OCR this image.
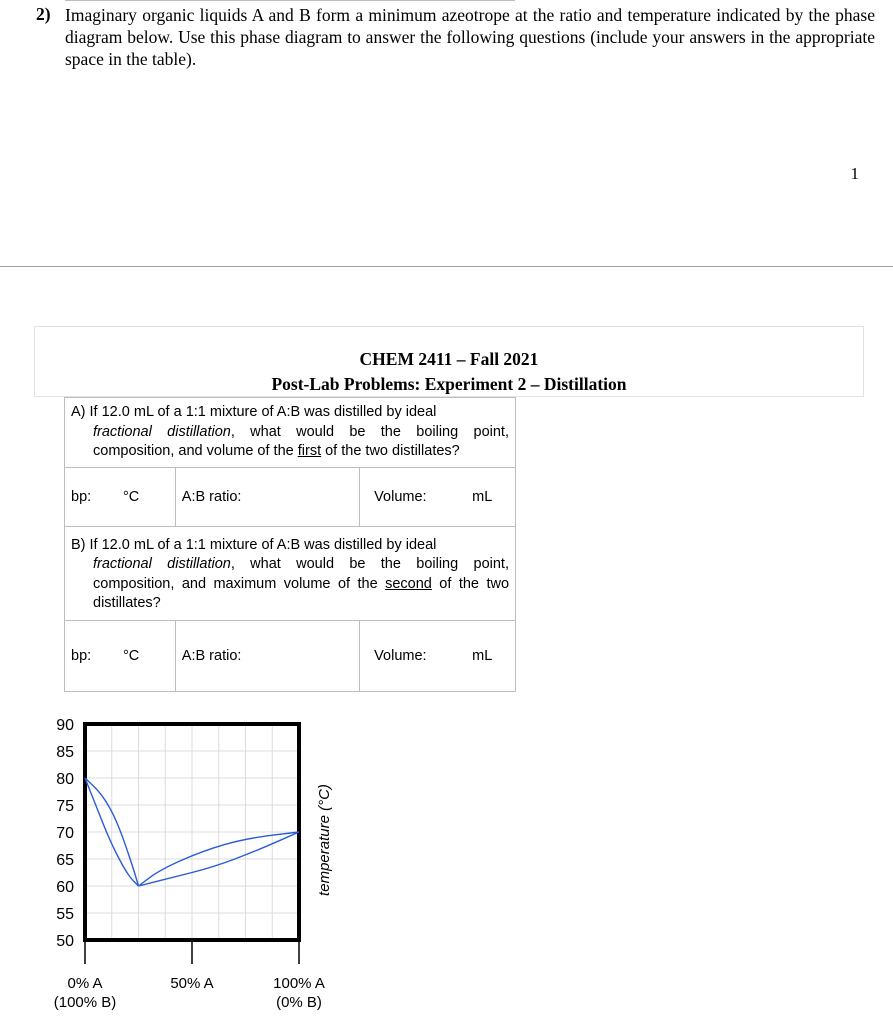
2) Imaginary organic liquids A and B form a minimum azeotrope at the ratio and temperature indicated by the phase diagram below. Use this phase diagram to answer the following questions (include your answers in the appropriate space in the table).
1
CHEM 2411 – Fall 2021
Post-Lab Problems: Experiment 2 – Distillation
A) If 12.0 mL of a 1:1 mixture of A:B was distilled by ideal
fractional distillation, what would be the boiling point, composition, and volume of the first of the two distillates?		

bp: °C	A:B ratio:	Volume: mL

B) If 12.0 mL of a 1:1 mixture of A:B was distilled by ideal
fractional distillation, what would be the boiling point, composition, and maximum volume of the second of the two distillates?		

bp: °C	A:B ratio:	Volume: mL
90
85
80
75
70
65
60
55
50
0% A
(100% B)
50% A	100% A
(0% B)
temperature (°C)
